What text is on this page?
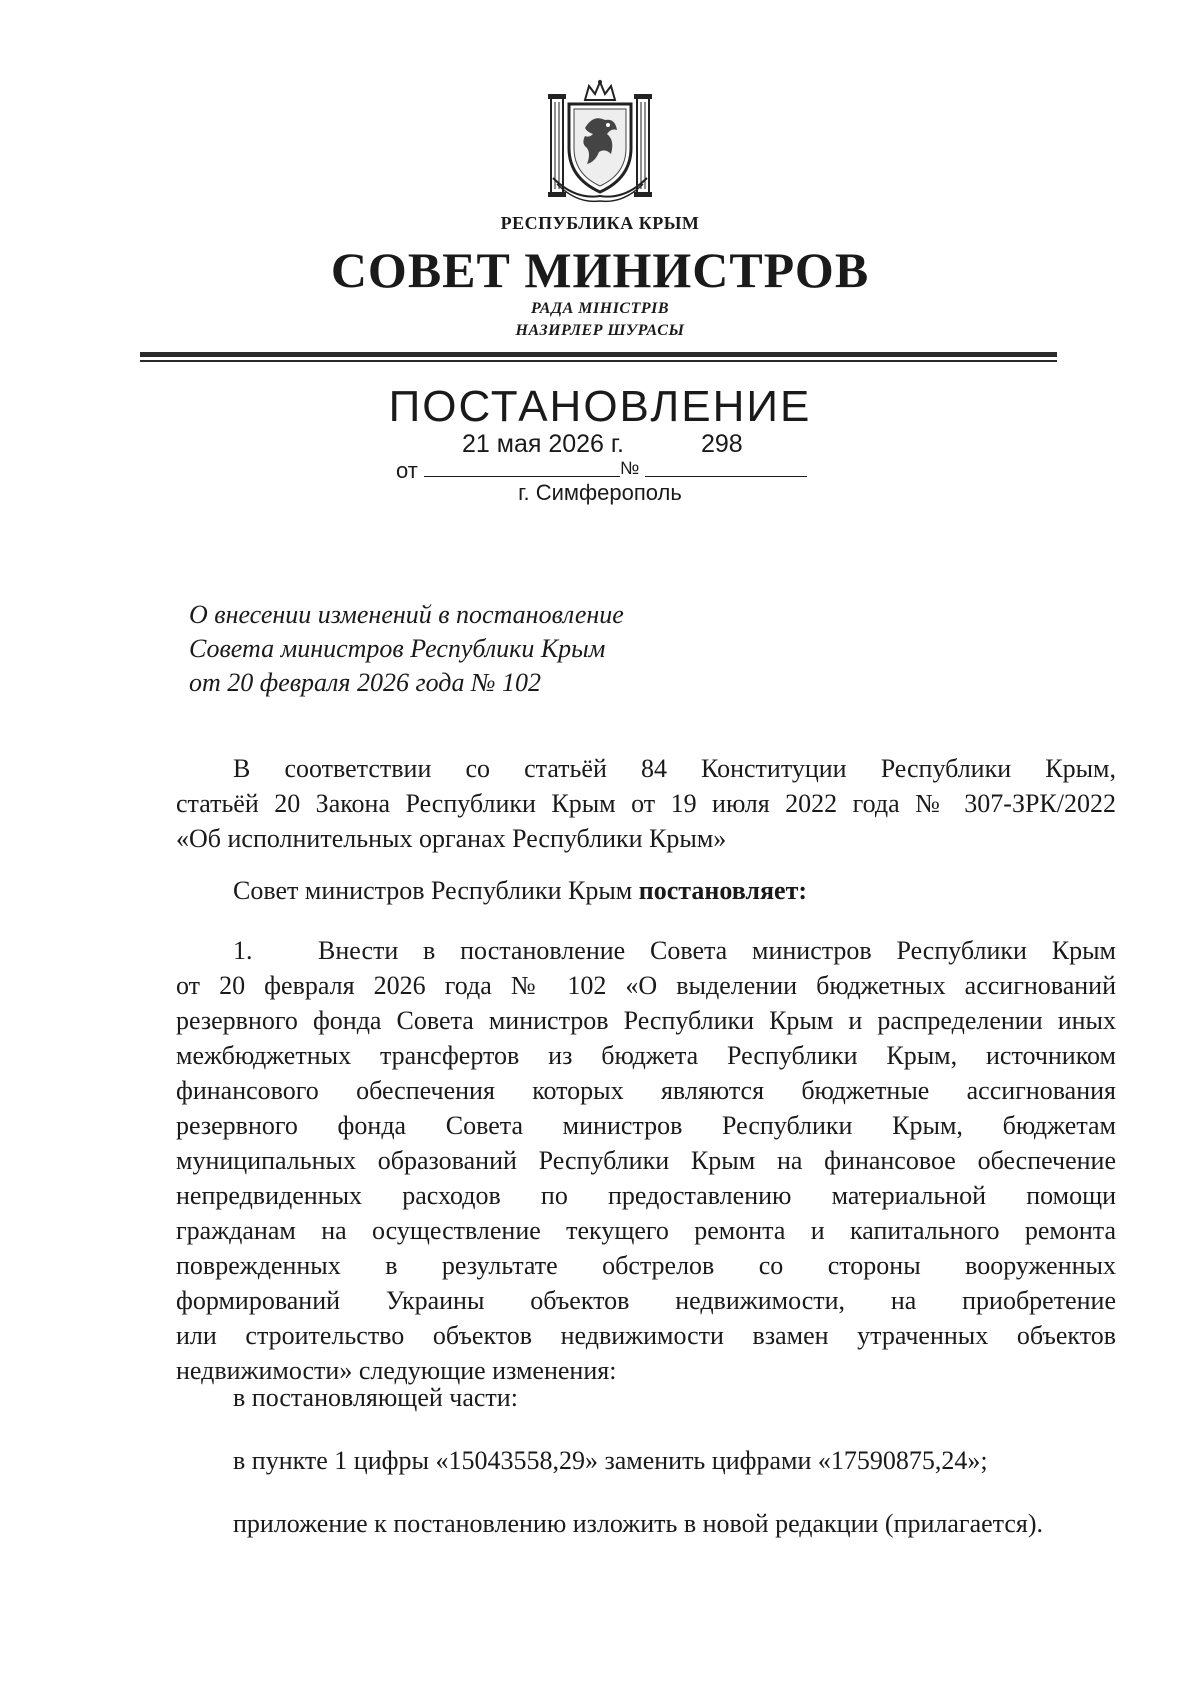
РЕСПУБЛИКА КРЫМ
СОВЕТ МИНИСТРОВ
РАДА МІНІСТРІВ
НАЗИРЛЕР ШУРАСЫ
ПОСТАНОВЛЕНИЕ
21 мая 2026 г.	298
от	№
г. Симферополь
О внесении изменений в постановление
Совета министров Республики Крым
от 20 февраля 2026 года № 102
В соответствии со статьёй 84 Конституции Республики Крым,
статьёй 20 Закона Республики Крым от 19 июля 2022 года № 307-ЗРК/2022
«Об исполнительных органах Республики Крым»
Совет министров Республики Крым постановляет:
1.	Внести в постановление Совета министров Республики Крым
от 20 февраля 2026 года № 102 «О выделении бюджетных ассигнований
резервного фонда Совета министров Республики Крым и распределении иных
межбюджетных трансфертов из бюджета Республики Крым, источником
финансового обеспечения которых являются бюджетные ассигнования
резервного фонда Совета министров Республики Крым, бюджетам
муниципальных образований Республики Крым на финансовое обеспечение
непредвиденных расходов по предоставлению материальной помощи
гражданам на осуществление текущего ремонта и капитального ремонта
поврежденных в результате обстрелов со стороны вооруженных
формирований Украины объектов недвижимости, на приобретение
или строительство объектов недвижимости взамен утраченных объектов
недвижимости» следующие изменения:
в постановляющей части:
в пункте 1 цифры «15043558,29» заменить цифрами «17590875,24»;
приложение к постановлению изложить в новой редакции (прилагается).
